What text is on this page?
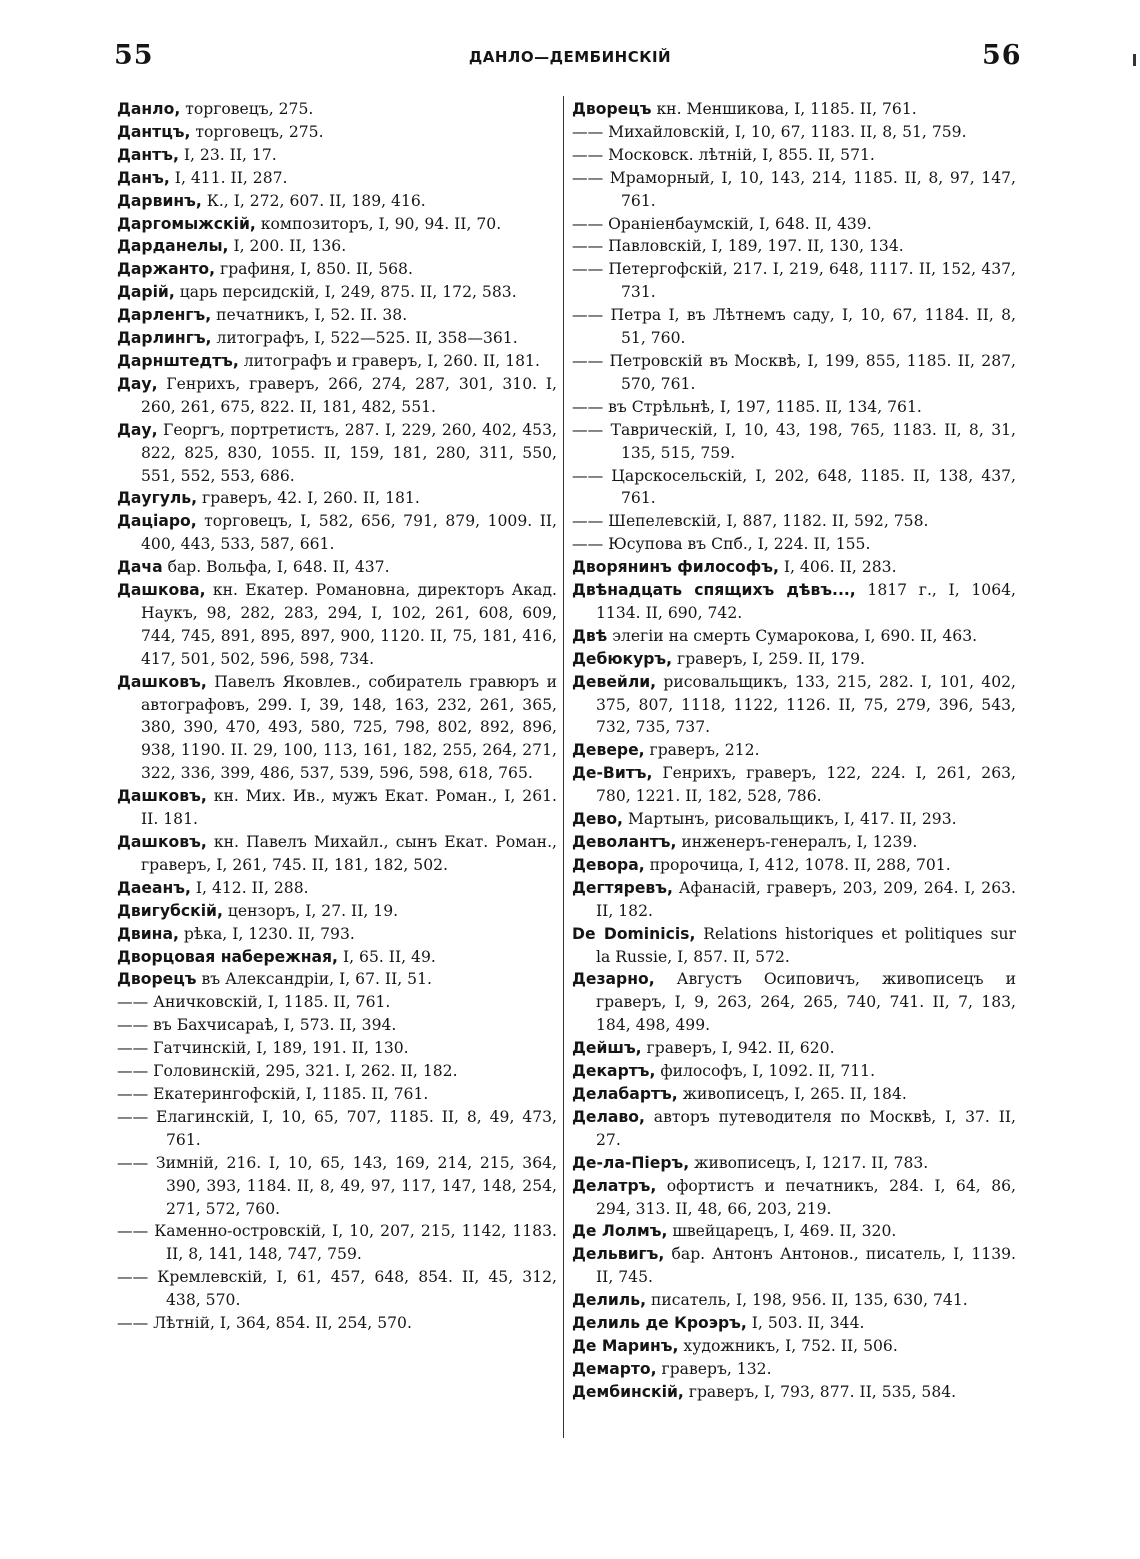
55	ДАНЛО—ДЕМБИНСКІЙ	56
Данло, торговецъ, 275.
Дантцъ, торговецъ, 275.
Дантъ, I, 23. II, 17.
Данъ, I, 411. II, 287.
Дарвинъ, К., I, 272, 607. II, 189, 416.
Даргомыжскій, композиторъ, I, 90, 94. II, 70.
Дарданелы, I, 200. II, 136.
Даржанто, графиня, I, 850. II, 568.
Дарій, царь персидскій, I, 249, 875. II, 172, 583.
Дарленгъ, печатникъ, I, 52. II. 38.
Дарлингъ, литографъ, I, 522—525. II, 358—361.
Дарнштедтъ, литографъ и граверъ, I, 260. II, 181.
Дау, Генрихъ, граверъ, 266, 274, 287, 301, 310. I, 260, 261, 675, 822. II, 181, 482, 551.
Дау, Георгъ, портретистъ, 287. I, 229, 260, 402, 453, 822, 825, 830, 1055. II, 159, 181, 280, 311, 550, 551, 552, 553, 686.
Даугуль, граверъ, 42. I, 260. II, 181.
Даціаро, торговецъ, I, 582, 656, 791, 879, 1009. II, 400, 443, 533, 587, 661.
Дача бар. Вольфа, I, 648. II, 437.
Дашкова, кн. Екатер. Романовна, директоръ Акад. Наукъ, 98, 282, 283, 294, I, 102, 261, 608, 609, 744, 745, 891, 895, 897, 900, 1120. II, 75, 181, 416, 417, 501, 502, 596, 598, 734.
Дашковъ, Павелъ Яковлев., собиратель гравюръ и автографовъ, 299. I, 39, 148, 163, 232, 261, 365, 380, 390, 470, 493, 580, 725, 798, 802, 892, 896, 938, 1190. II. 29, 100, 113, 161, 182, 255, 264, 271, 322, 336, 399, 486, 537, 539, 596, 598, 618, 765.
Дашковъ, кн. Мих. Ив., мужъ Екат. Роман., I, 261. II. 181.
Дашковъ, кн. Павелъ Михайл., сынъ Екат. Роман., граверъ, I, 261, 745. II, 181, 182, 502.
Даеанъ, I, 412. II, 288.
Двигубскій, цензоръ, I, 27. II, 19.
Двина, рѣка, I, 1230. II, 793.
Дворцовая набережная, I, 65. II, 49.
Дворецъ въ Александріи, I, 67. II, 51.
—— Аничковскій, I, 1185. II, 761.
—— въ Бахчисараѣ, I, 573. II, 394.
—— Гатчинскій, I, 189, 191. II, 130.
—— Головинскій, 295, 321. I, 262. II, 182.
—— Екатерингофскій, I, 1185. II, 761.
—— Елагинскій, I, 10, 65, 707, 1185. II, 8, 49, 473, 761.
—— Зимній, 216. I, 10, 65, 143, 169, 214, 215, 364, 390, 393, 1184. II, 8, 49, 97, 117, 147, 148, 254, 271, 572, 760.
—— Каменно-островскій, I, 10, 207, 215, 1142, 1183. II, 8, 141, 148, 747, 759.
—— Кремлевскій, I, 61, 457, 648, 854. II, 45, 312, 438, 570.
—— Лѣтній, I, 364, 854. II, 254, 570.
Дворецъ кн. Меншикова, I, 1185. II, 761.
—— Михайловскій, I, 10, 67, 1183. II, 8, 51, 759.
—— Московск. лѣтній, I, 855. II, 571.
—— Мраморный, I, 10, 143, 214, 1185. II, 8, 97, 147, 761.
—— Ораніенбаумскій, I, 648. II, 439.
—— Павловскій, I, 189, 197. II, 130, 134.
—— Петергофскій, 217. I, 219, 648, 1117. II, 152, 437, 731.
—— Петра I, въ Лѣтнемъ саду, I, 10, 67, 1184. II, 8, 51, 760.
—— Петровскій въ Москвѣ, I, 199, 855, 1185. II, 287, 570, 761.
—— въ Стрѣльнѣ, I, 197, 1185. II, 134, 761.
—— Таврическій, I, 10, 43, 198, 765, 1183. II, 8, 31, 135, 515, 759.
—— Царскосельскій, I, 202, 648, 1185. II, 138, 437, 761.
—— Шепелевскій, I, 887, 1182. II, 592, 758.
—— Юсупова въ Спб., I, 224. II, 155.
Дворянинъ философъ, I, 406. II, 283.
Двѣнадцать спящихъ дѣвъ..., 1817 г., I, 1064, 1134. II, 690, 742.
Двѣ элегіи на смерть Сумарокова, I, 690. II, 463.
Дебюкуръ, граверъ, I, 259. II, 179.
Девейли, рисовальщикъ, 133, 215, 282. I, 101, 402, 375, 807, 1118, 1122, 1126. II, 75, 279, 396, 543, 732, 735, 737.
Девере, граверъ, 212.
Де-Витъ, Генрихъ, граверъ, 122, 224. I, 261, 263, 780, 1221. II, 182, 528, 786.
Дево, Мартынъ, рисовальщикъ, I, 417. II, 293.
Деволантъ, инженеръ-генералъ, I, 1239.
Девора, пророчица, I, 412, 1078. II, 288, 701.
Дегтяревъ, Афанасій, граверъ, 203, 209, 264. I, 263. II, 182.
De Dominicis, Relations historiques et politiques sur la Russie, I, 857. II, 572.
Дезарно, Августъ Осиповичъ, живописецъ и граверъ, I, 9, 263, 264, 265, 740, 741. II, 7, 183, 184, 498, 499.
Дейшъ, граверъ, I, 942. II, 620.
Декартъ, философъ, I, 1092. II, 711.
Делабартъ, живописецъ, I, 265. II, 184.
Делаво, авторъ путеводителя по Москвѣ, I, 37. II, 27.
Де-ла-Піеръ, живописецъ, I, 1217. II, 783.
Делатръ, офортистъ и печатникъ, 284. I, 64, 86, 294, 313. II, 48, 66, 203, 219.
Де Лолмъ, швейцарецъ, I, 469. II, 320.
Дельвигъ, бар. Антонъ Антонов., писатель, I, 1139. II, 745.
Делиль, писатель, I, 198, 956. II, 135, 630, 741.
Делиль де Кроэръ, I, 503. II, 344.
Де Маринъ, художникъ, I, 752. II, 506.
Демарто, граверъ, 132.
Дембинскій, граверъ, I, 793, 877. II, 535, 584.
